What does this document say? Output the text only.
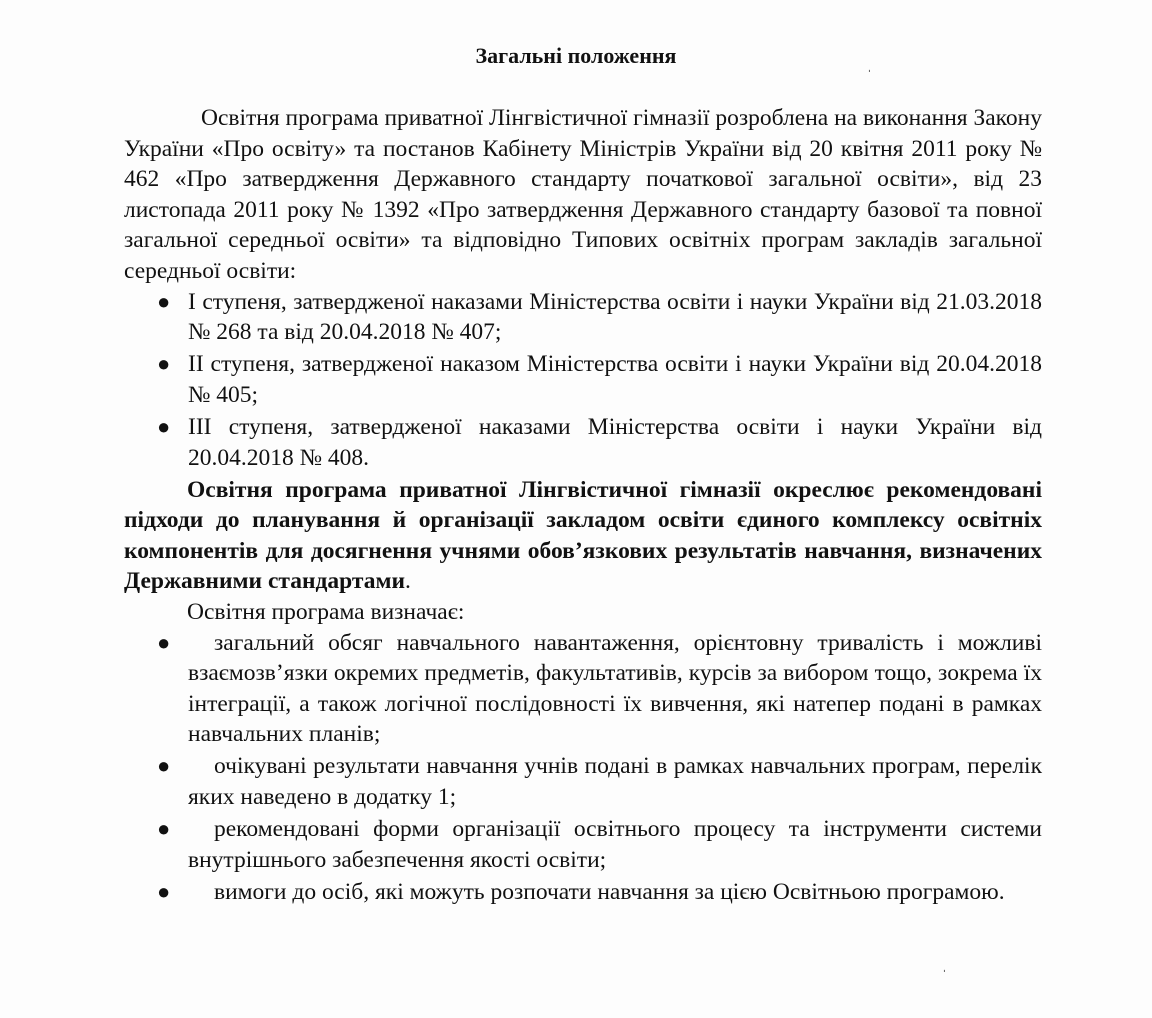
Загальні положення	ˌ

Освітня програма приватної Лінгвістичної гімназії розроблена на виконання Закону України «Про освіту» та постанов Кабінету Міністрів України від 20 квітня 2011 року № 462 «Про затвердження Державного стандарту початкової загальної освіти», від 23 листопада 2011 року № 1392 «Про затвердження Державного стандарту базової та повної загальної середньої освіти» та відповідно Типових освітніх програм закладів загальної середньої освіти:

● І ступеня, затвердженої наказами Міністерства освіти і науки України від 21.03.2018 № 268 та від 20.04.2018 № 407;
● ІІ ступеня, затвердженої наказом Міністерства освіти і науки України від 20.04.2018 № 405;
● ІІІ ступеня, затвердженої наказами Міністерства освіти і науки України від 20.04.2018 № 408.

Освітня програма приватної Лінгвістичної гімназії окреслює рекомендовані підходи до планування й організації закладом освіти єдиного комплексу освітніх компонентів для досягнення учнями обов’язкових результатів навчання, визначених Державними стандартами.

Освітня програма визначає:

● загальний обсяг навчального навантаження, орієнтовну тривалість і можливі взаємозв’язки окремих предметів, факультативів, курсів за вибором тощо, зокрема їх інтеграції, а також логічної послідовності їх вивчення, які натепер подані в рамках навчальних планів;
● очікувані результати навчання учнів подані в рамках навчальних програм, перелік яких наведено в додатку 1;
● рекомендовані форми організації освітнього процесу та інструменти системи внутрішнього забезпечення якості освіти;
● вимоги до осіб, які можуть розпочати навчання за цією Освітньою програмою.
ˌ
